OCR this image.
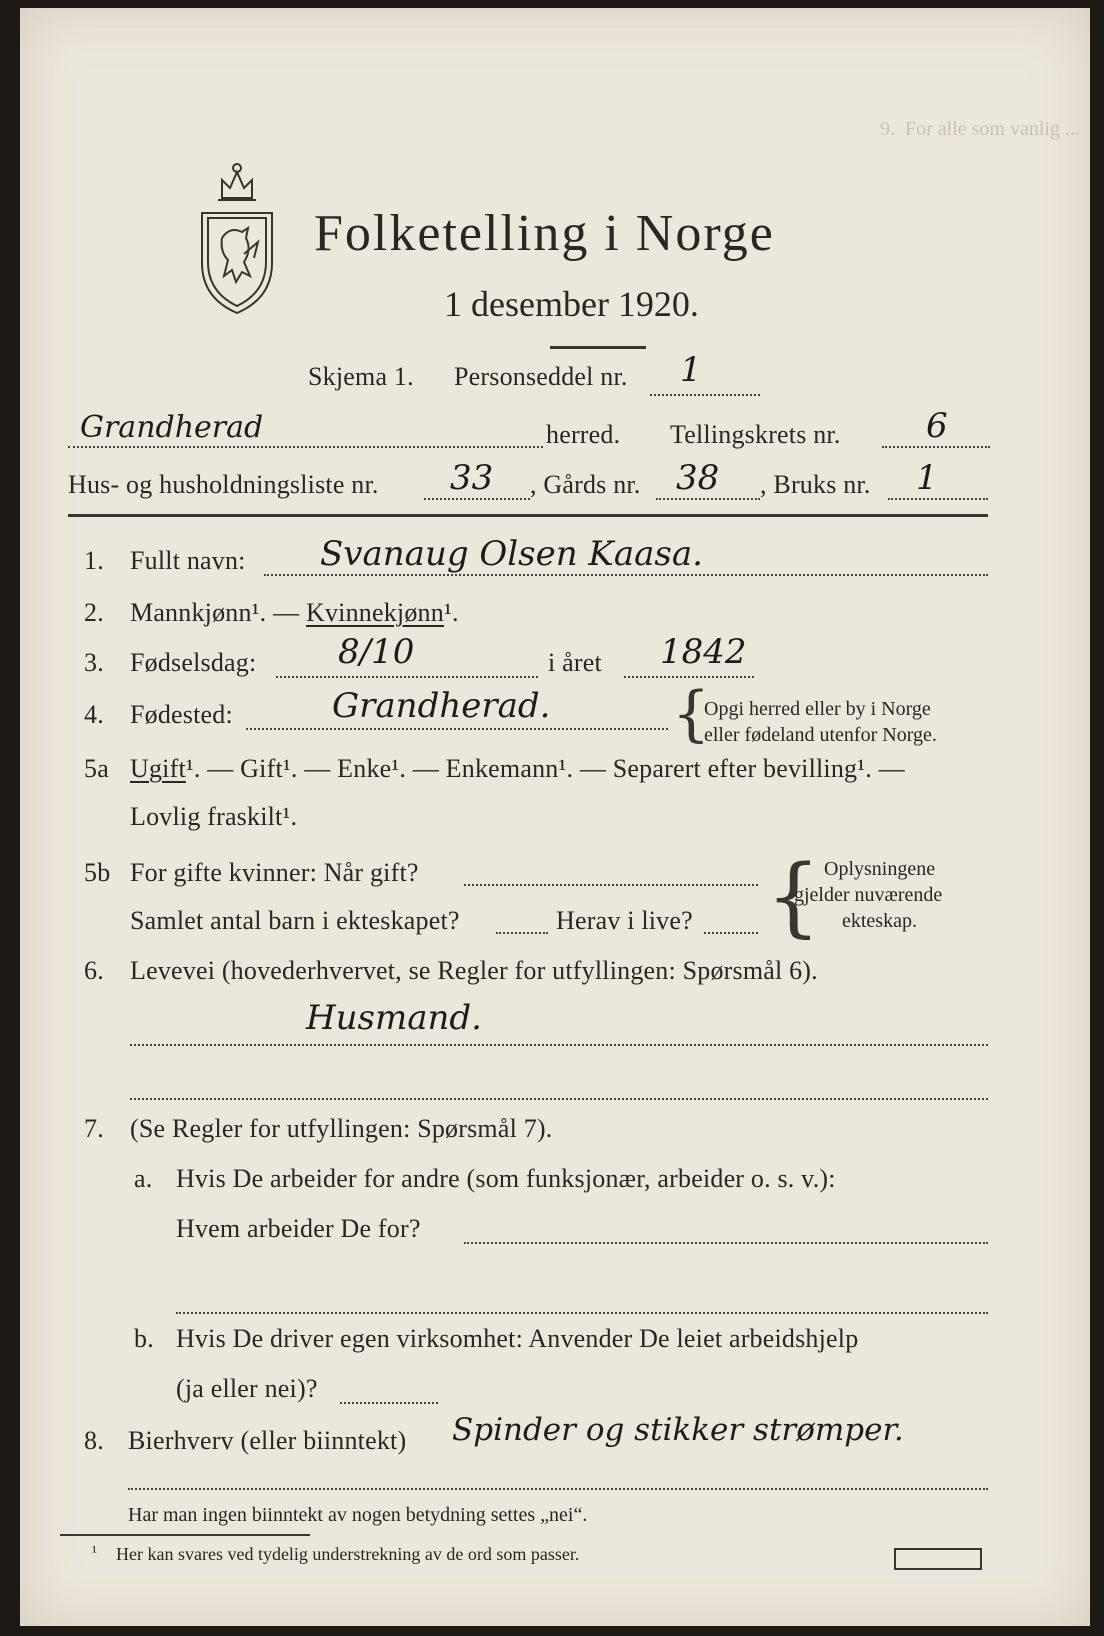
9.  For alle som vanlig ...
Folketelling i Norge
1 desember 1920.
Skjema 1. Personseddel nr. 1
Grandherad	herred. Tellingskrets nr.	6
Hus- og husholdningsliste nr. 33 , Gårds nr. 38 , Bruks nr. 1
1. Fullt navn: Svanaug Olsen Kaasa.
2. Mannkjønn¹. — Kvinnekjønn¹.
3. Fødselsdag: 8/10	i året 1842
4. Fødested:	Grandherad. {
Opgi herred eller by i Norge
eller fødeland utenfor Norge.
5a Ugift¹. — Gift¹. — Enke¹. — Enkemann¹. — Separert efter bevilling¹. —
Lovlig fraskilt¹.
5b For gifte kvinner: Når gift?
Samlet antal barn i ekteskapet?	Herav i live? { Oplysningene
gjelder nuværende
ekteskap.
6. Levevei (hovederhvervet, se Regler for utfyllingen: Spørsmål 6).
Husmand.
7. (Se Regler for utfyllingen: Spørsmål 7).
a. Hvis De arbeider for andre (som funksjonær, arbeider o. s. v.):
Hvem arbeider De for?
b. Hvis De driver egen virksomhet: Anvender De leiet arbeidshjelp
(ja eller nei)?
8. Bierhverv (eller biinntekt) Spinder og stikker strømper.
Har man ingen biinntekt av nogen betydning settes „nei“.
¹ Her kan svares ved tydelig understrekning av de ord som passer.
